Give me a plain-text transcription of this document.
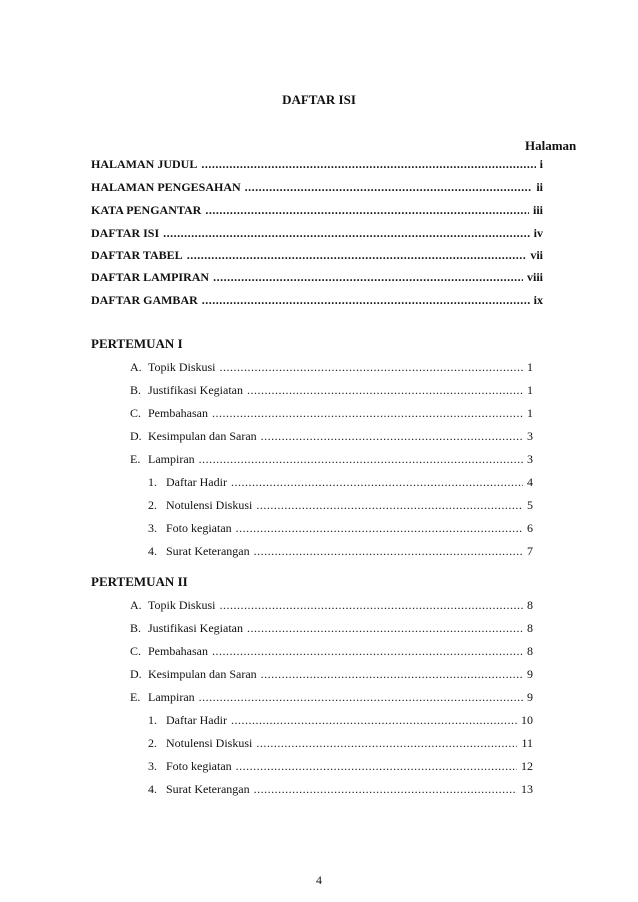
DAFTAR ISI
Halaman
HALAMAN JUDUL .....	i
HALAMAN PENGESAHAN .....	ii
KATA PENGANTAR .....	iii
DAFTAR ISI .....	iv
DAFTAR TABEL .....	vii
DAFTAR LAMPIRAN .....	viii
DAFTAR GAMBAR .....	ix
PERTEMUAN I
A. Topik Diskusi .....	1
B. Justifikasi Kegiatan .....	1
C. Pembahasan .....	1
D. Kesimpulan dan Saran .....	3
E. Lampiran .....	3
1. Daftar Hadir .....	4
2. Notulensi Diskusi .....	5
3. Foto kegiatan .....	6
4. Surat Keterangan .....	7
PERTEMUAN II
A. Topik Diskusi .....	8
B. Justifikasi Kegiatan .....	8
C. Pembahasan .....	8
D. Kesimpulan dan Saran .....	9
E. Lampiran .....	9
1. Daftar Hadir .....	10
2. Notulensi Diskusi .....	11
3. Foto kegiatan .....	12
4. Surat Keterangan .....	13
4
